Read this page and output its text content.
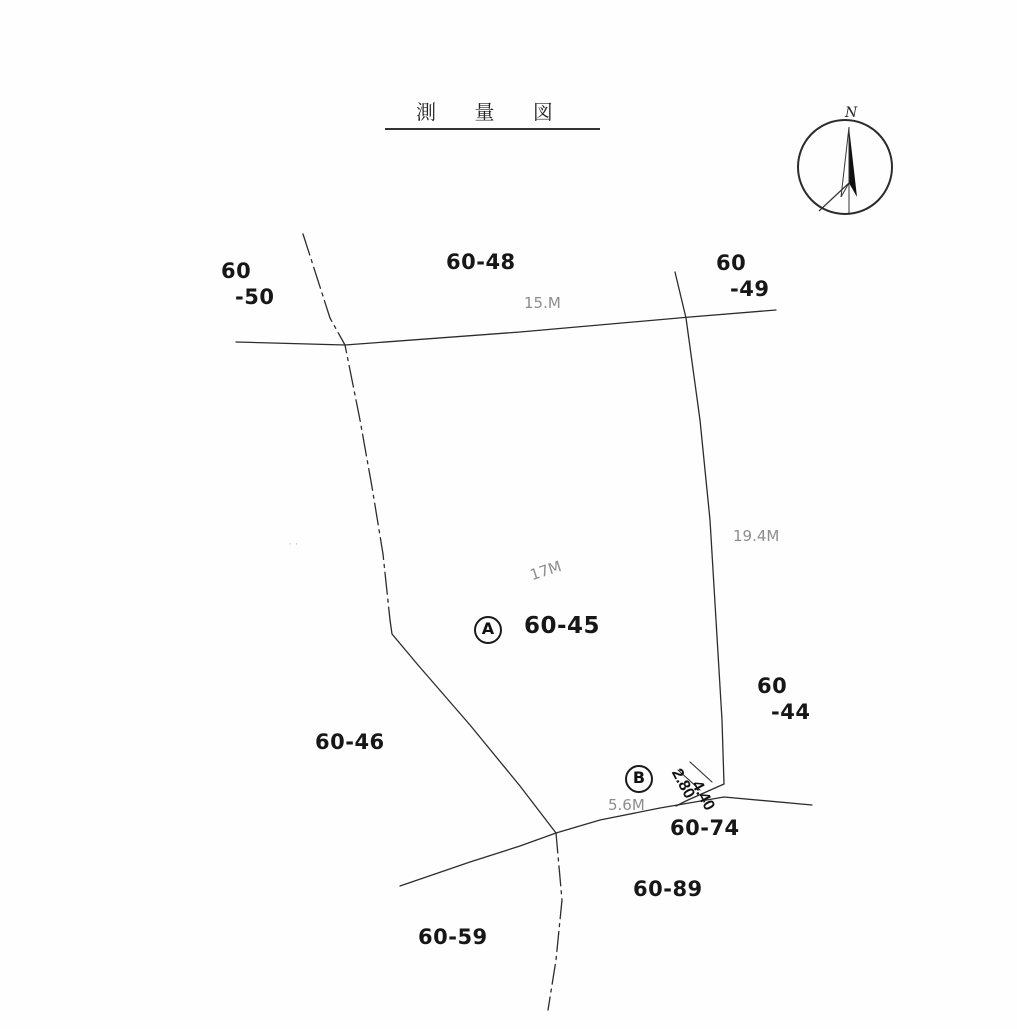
測 量 図	N
60
-50
60-48	60
-49
60-45
60
-44
60-46
60-74
60-89
60-59
15.M
19.4M
17M
5.6M
2.80
4.40
A
B
· ·
